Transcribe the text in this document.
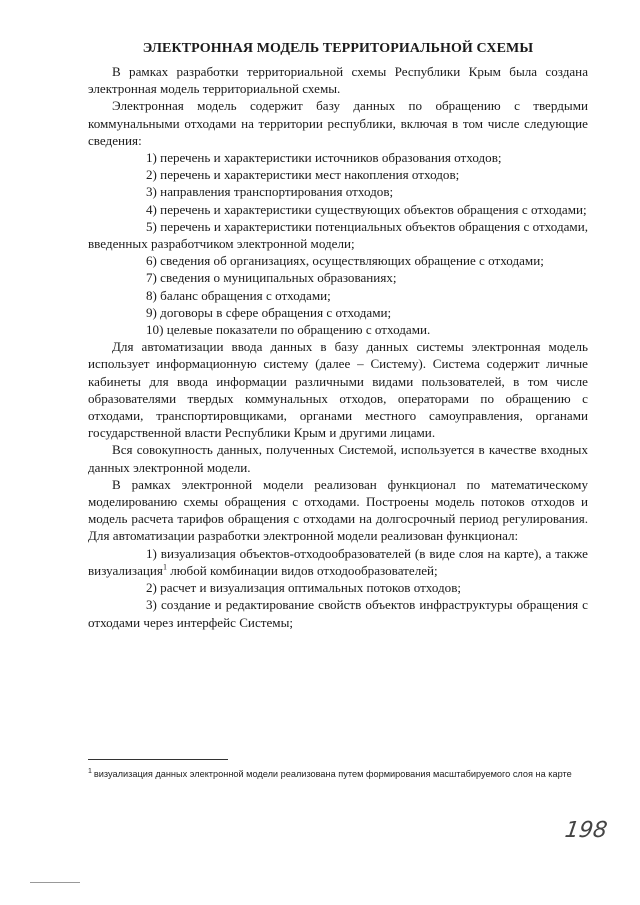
ЭЛЕКТРОННАЯ МОДЕЛЬ ТЕРРИТОРИАЛЬНОЙ СХЕМЫ

В рамках разработки территориальной схемы Республики Крым была создана электронная модель территориальной схемы.

Электронная модель содержит базу данных по обращению с твердыми коммунальными отходами на территории республики, включая в том числе следующие сведения:

1) перечень и характеристики источников образования отходов;

2) перечень и характеристики мест накопления отходов;

3) направления транспортирования отходов;

4) перечень и характеристики существующих объектов обращения с отходами;

5) перечень и характеристики потенциальных объектов обращения с отходами, введенных разработчиком электронной модели;

6) сведения об организациях, осуществляющих обращение с отходами;

7) сведения о муниципальных образованиях;

8) баланс обращения с отходами;

9) договоры в сфере обращения с отходами;

10) целевые показатели по обращению с отходами.

Для автоматизации ввода данных в базу данных системы электронная модель использует информационную систему (далее – Систему). Система содержит личные кабинеты для ввода информации различными видами пользователей, в том числе образователями твердых коммунальных отходов, операторами по обращению с отходами, транспортировщиками, органами местного самоуправления, органами государственной власти Республики Крым и другими лицами.

Вся совокупность данных, полученных Системой, используется в качестве входных данных электронной модели.

В рамках электронной модели реализован функционал по математическому моделированию схемы обращения с отходами. Построены модель потоков отходов и модель расчета тарифов обращения с отходами на долгосрочный период регулирования. Для автоматизации разработки электронной модели реализован функционал:

1) визуализация объектов-отходообразователей (в виде слоя на карте), а также визуализация$^1$ любой комбинации видов отходообразователей;

2) расчет и визуализация оптимальных потоков отходов;

3) создание и редактирование свойств объектов инфраструктуры обращения с отходами через интерфейс Системы;

$^1$ визуализация данных электронной модели реализована путем формирования масштабируемого слоя на карте
198
